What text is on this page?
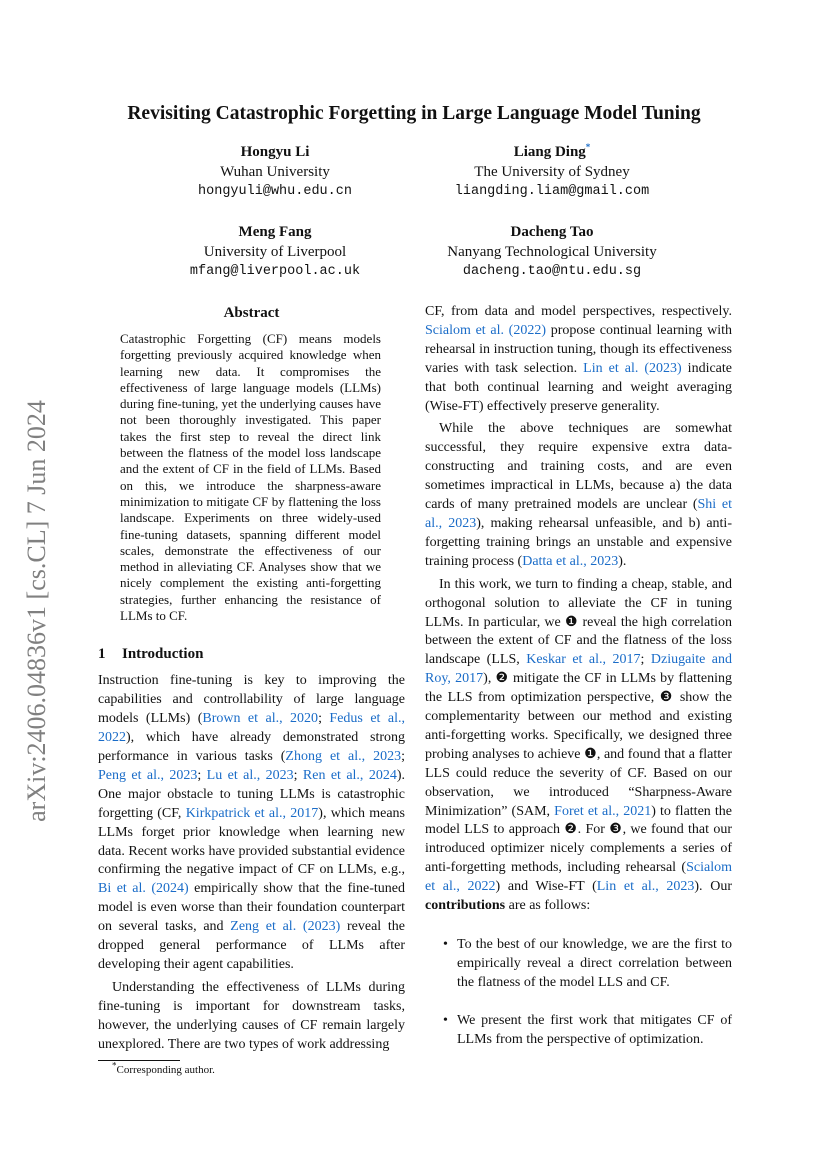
Revisiting Catastrophic Forgetting in Large Language Model Tuning
Hongyu Li
Wuhan University
hongyuli@whu.edu.cn
Liang Ding*
The University of Sydney
liangding.liam@gmail.com
Meng Fang
University of Liverpool
mfang@liverpool.ac.uk
Dacheng Tao
Nanyang Technological University
dacheng.tao@ntu.edu.sg
arXiv:2406.04836v1 [cs.CL] 7 Jun 2024
Abstract
Catastrophic Forgetting (CF) means models forgetting previously acquired knowledge when learning new data. It compromises the effectiveness of large language models (LLMs) during fine-tuning, yet the underlying causes have not been thoroughly investigated. This paper takes the first step to reveal the direct link between the flatness of the model loss landscape and the extent of CF in the field of LLMs. Based on this, we introduce the sharpness-aware minimization to mitigate CF by flattening the loss landscape. Experiments on three widely-used fine-tuning datasets, spanning different model scales, demonstrate the effectiveness of our method in alleviating CF. Analyses show that we nicely complement the existing anti-forgetting strategies, further enhancing the resistance of LLMs to CF.
1 Introduction

Instruction fine-tuning is key to improving the capabilities and controllability of large language models (LLMs) (Brown et al., 2020; Fedus et al., 2022), which have already demonstrated strong performance in various tasks (Zhong et al., 2023; Peng et al., 2023; Lu et al., 2023; Ren et al., 2024). One major obstacle to tuning LLMs is catastrophic forgetting (CF, Kirkpatrick et al., 2017), which means LLMs forget prior knowledge when learning new data. Recent works have provided substantial evidence confirming the negative impact of CF on LLMs, e.g., Bi et al. (2024) empirically show that the fine-tuned model is even worse than their foundation counterpart on several tasks, and Zeng et al. (2023) reveal the dropped general performance of LLMs after developing their agent capabilities.

Understanding the effectiveness of LLMs during fine-tuning is important for downstream tasks, however, the underlying causes of CF remain largely unexplored. There are two types of work addressing

*Corresponding author.

CF, from data and model perspectives, respectively. Scialom et al. (2022) propose continual learning with rehearsal in instruction tuning, though its effectiveness varies with task selection. Lin et al. (2023) indicate that both continual learning and weight averaging (Wise-FT) effectively preserve generality.

While the above techniques are somewhat successful, they require expensive extra data-constructing and training costs, and are even sometimes impractical in LLMs, because a) the data cards of many pretrained models are unclear (Shi et al., 2023), making rehearsal unfeasible, and b) anti-forgetting training brings an unstable and expensive training process (Datta et al., 2023).

In this work, we turn to finding a cheap, stable, and orthogonal solution to alleviate the CF in tuning LLMs. In particular, we ❶ reveal the high correlation between the extent of CF and the flatness of the loss landscape (LLS, Keskar et al., 2017; Dziugaite and Roy, 2017), ❷ mitigate the CF in LLMs by flattening the LLS from optimization perspective, ❸ show the complementarity between our method and existing anti-forgetting works. Specifically, we designed three probing analyses to achieve ❶, and found that a flatter LLS could reduce the severity of CF. Based on our observation, we introduced “Sharpness-Aware Minimization” (SAM, Foret et al., 2021) to flatten the model LLS to approach ❷. For ❸, we found that our introduced optimizer nicely complements a series of anti-forgetting methods, including rehearsal (Scialom et al., 2022) and Wise-FT (Lin et al., 2023). Our contributions are as follows:

• To the best of our knowledge, we are the first to empirically reveal a direct correlation between the flatness of the model LLS and CF.
• We present the first work that mitigates CF of LLMs from the perspective of optimization.
